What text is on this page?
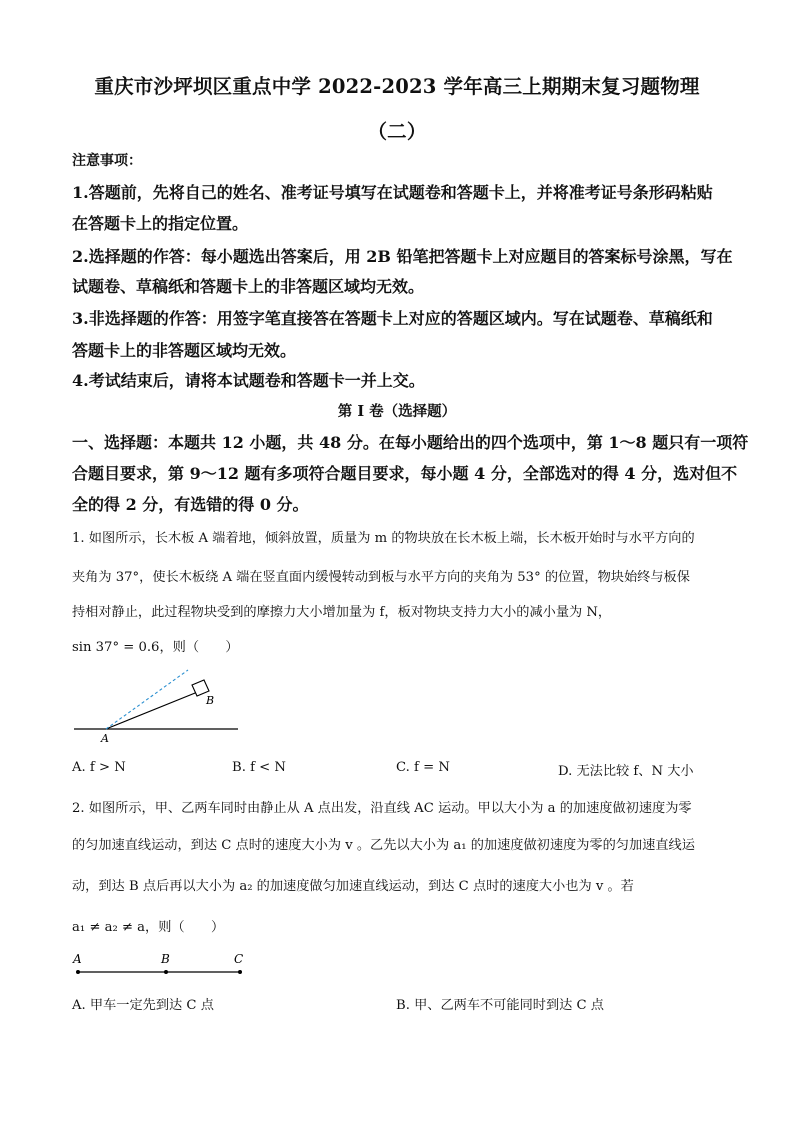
重庆市沙坪坝区重点中学 2022-2023 学年高三上期期末复习题物理
（二）
注意事项：
1.答题前，先将自己的姓名、准考证号填写在试题卷和答题卡上，并将准考证号条形码粘贴
在答题卡上的指定位置。
2.选择题的作答：每小题选出答案后，用 2B 铅笔把答题卡上对应题目的答案标号涂黑，写在
试题卷、草稿纸和答题卡上的非答题区域均无效。
3.非选择题的作答：用签字笔直接答在答题卡上对应的答题区域内。写在试题卷、草稿纸和
答题卡上的非答题区域均无效。
4.考试结束后，请将本试题卷和答题卡一并上交。
第 I 卷（选择题）
一、选择题：本题共 12 小题，共 48 分。在每小题给出的四个选项中，第 1～8 题只有一项符
合题目要求，第 9～12 题有多项符合题目要求，每小题 4 分，全部选对的得 4 分，选对但不
全的得 2 分，有选错的得 0 分。
1. 如图所示，长木板 A 端着地，倾斜放置，质量为 m 的物块放在长木板上端，长木板开始时与水平方向的
夹角为 37°，使长木板绕 A 端在竖直面内缓慢转动到板与水平方向的夹角为 53° 的位置，物块始终与板保
持相对静止，此过程物块受到的摩擦力大小增加量为 f，板对物块支持力大小的减小量为 N，
sin 37° = 0.6，则（　　）
B
A
A. f > N	B. f < N	C. f = N	D. 无法比较 f、N 大小
2. 如图所示，甲、乙两车同时由静止从 A 点出发，沿直线 AC 运动。甲以大小为 a 的加速度做初速度为零
的匀加速直线运动，到达 C 点时的速度大小为 v 。乙先以大小为 a₁ 的加速度做初速度为零的匀加速直线运
动，到达 B 点后再以大小为 a₂ 的加速度做匀加速直线运动，到达 C 点时的速度大小也为 v 。若
a₁ ≠ a₂ ≠ a，则（　　）
A	B	C
A. 甲车一定先到达 C 点	B. 甲、乙两车不可能同时到达 C 点
